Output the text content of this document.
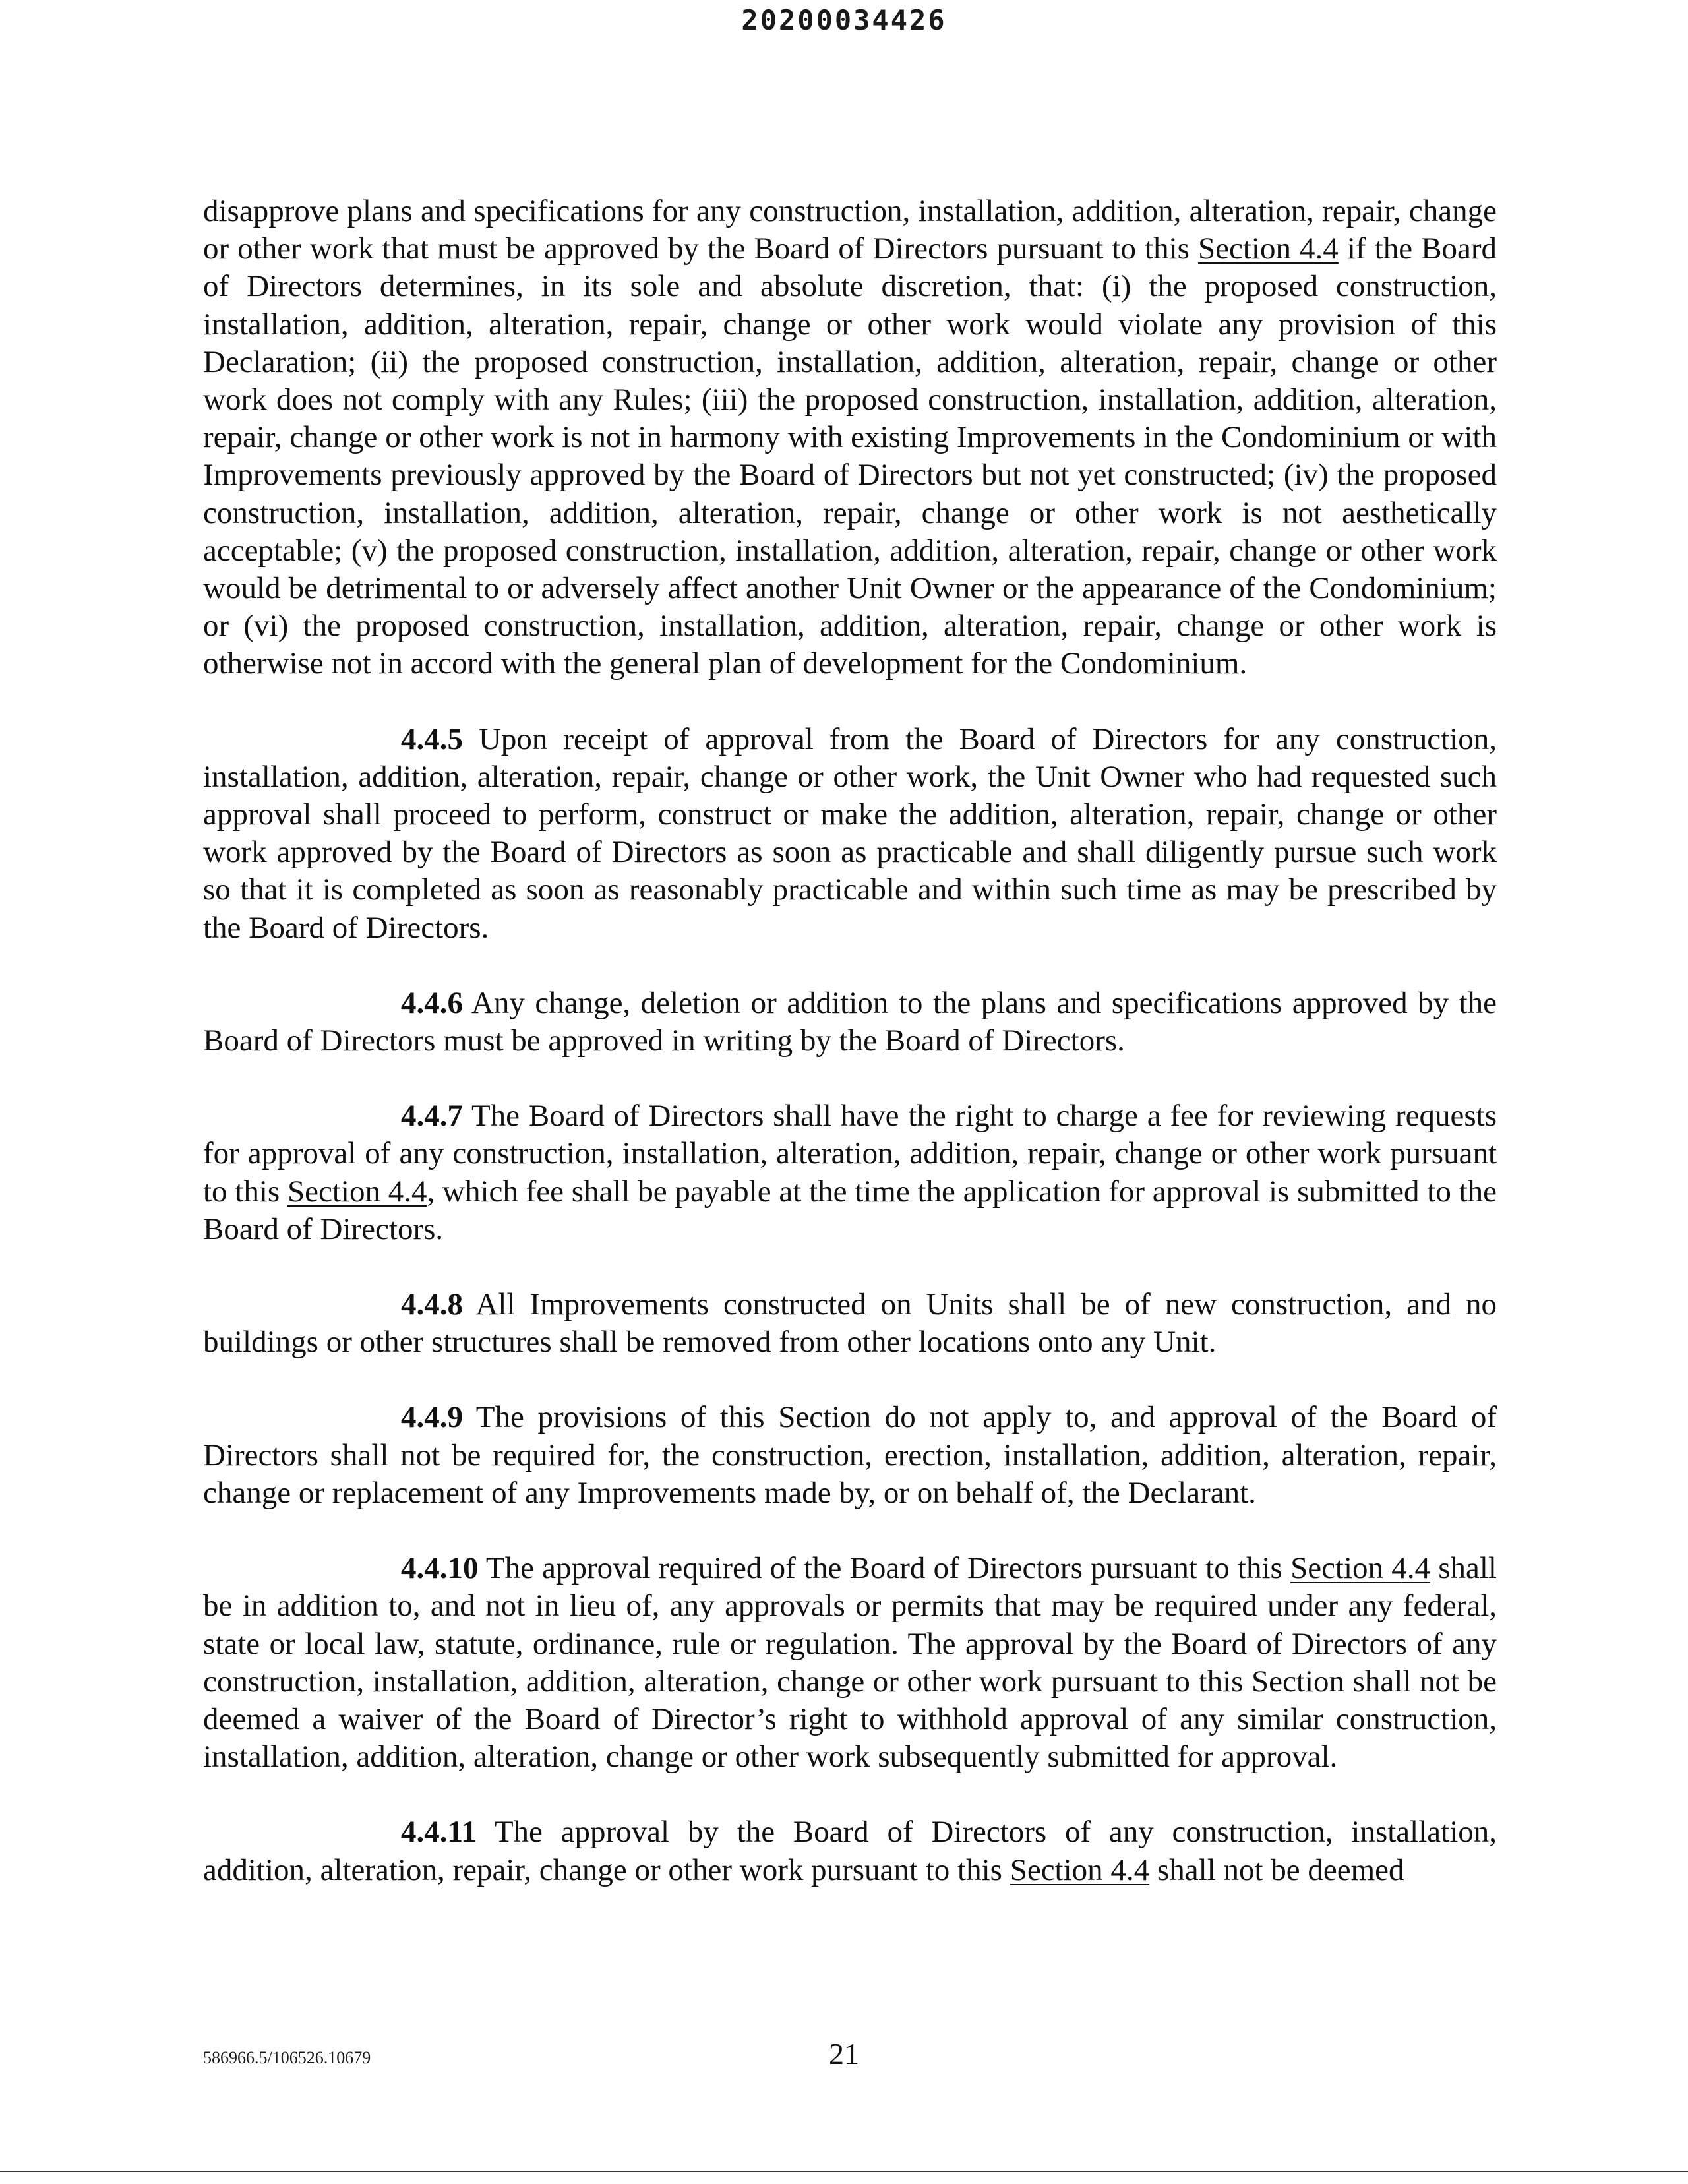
20200034426

disapprove plans and specifications for any construction, installation, addition, alteration, repair, change or other work that must be approved by the Board of Directors pursuant to this Section 4.4 if the Board of Directors determines, in its sole and absolute discretion, that: (i) the proposed construction, installation, addition, alteration, repair, change or other work would violate any provision of this Declaration; (ii) the proposed construction, installation, addition, alteration, repair, change or other work does not comply with any Rules; (iii) the proposed construction, installation, addition, alteration, repair, change or other work is not in harmony with existing Improvements in the Condominium or with Improvements previously approved by the Board of Directors but not yet constructed; (iv) the proposed construction, installation, addition, alteration, repair, change or other work is not aesthetically acceptable; (v) the proposed construction, installation, addition, alteration, repair, change or other work would be detrimental to or adversely affect another Unit Owner or the appearance of the Condominium; or (vi) the proposed construction, installation, addition, alteration, repair, change or other work is otherwise not in accord with the general plan of development for the Condominium.

4.4.5 Upon receipt of approval from the Board of Directors for any construction, installation, addition, alteration, repair, change or other work, the Unit Owner who had requested such approval shall proceed to perform, construct or make the addition, alteration, repair, change or other work approved by the Board of Directors as soon as practicable and shall diligently pursue such work so that it is completed as soon as reasonably practicable and within such time as may be prescribed by the Board of Directors.

4.4.6 Any change, deletion or addition to the plans and specifications approved by the Board of Directors must be approved in writing by the Board of Directors.

4.4.7 The Board of Directors shall have the right to charge a fee for reviewing requests for approval of any construction, installation, alteration, addition, repair, change or other work pursuant to this Section 4.4, which fee shall be payable at the time the application for approval is submitted to the Board of Directors.

4.4.8 All Improvements constructed on Units shall be of new construction, and no buildings or other structures shall be removed from other locations onto any Unit.

4.4.9 The provisions of this Section do not apply to, and approval of the Board of Directors shall not be required for, the construction, erection, installation, addition, alteration, repair, change or replacement of any Improvements made by, or on behalf of, the Declarant.

4.4.10 The approval required of the Board of Directors pursuant to this Section 4.4 shall be in addition to, and not in lieu of, any approvals or permits that may be required under any federal, state or local law, statute, ordinance, rule or regulation. The approval by the Board of Directors of any construction, installation, addition, alteration, change or other work pursuant to this Section shall not be deemed a waiver of the Board of Director’s right to withhold approval of any similar construction, installation, addition, alteration, change or other work subsequently submitted for approval.

4.4.11 The approval by the Board of Directors of any construction, installation, addition, alteration, repair, change or other work pursuant to this Section 4.4 shall not be deemed

586966.5/106526.10679	21
